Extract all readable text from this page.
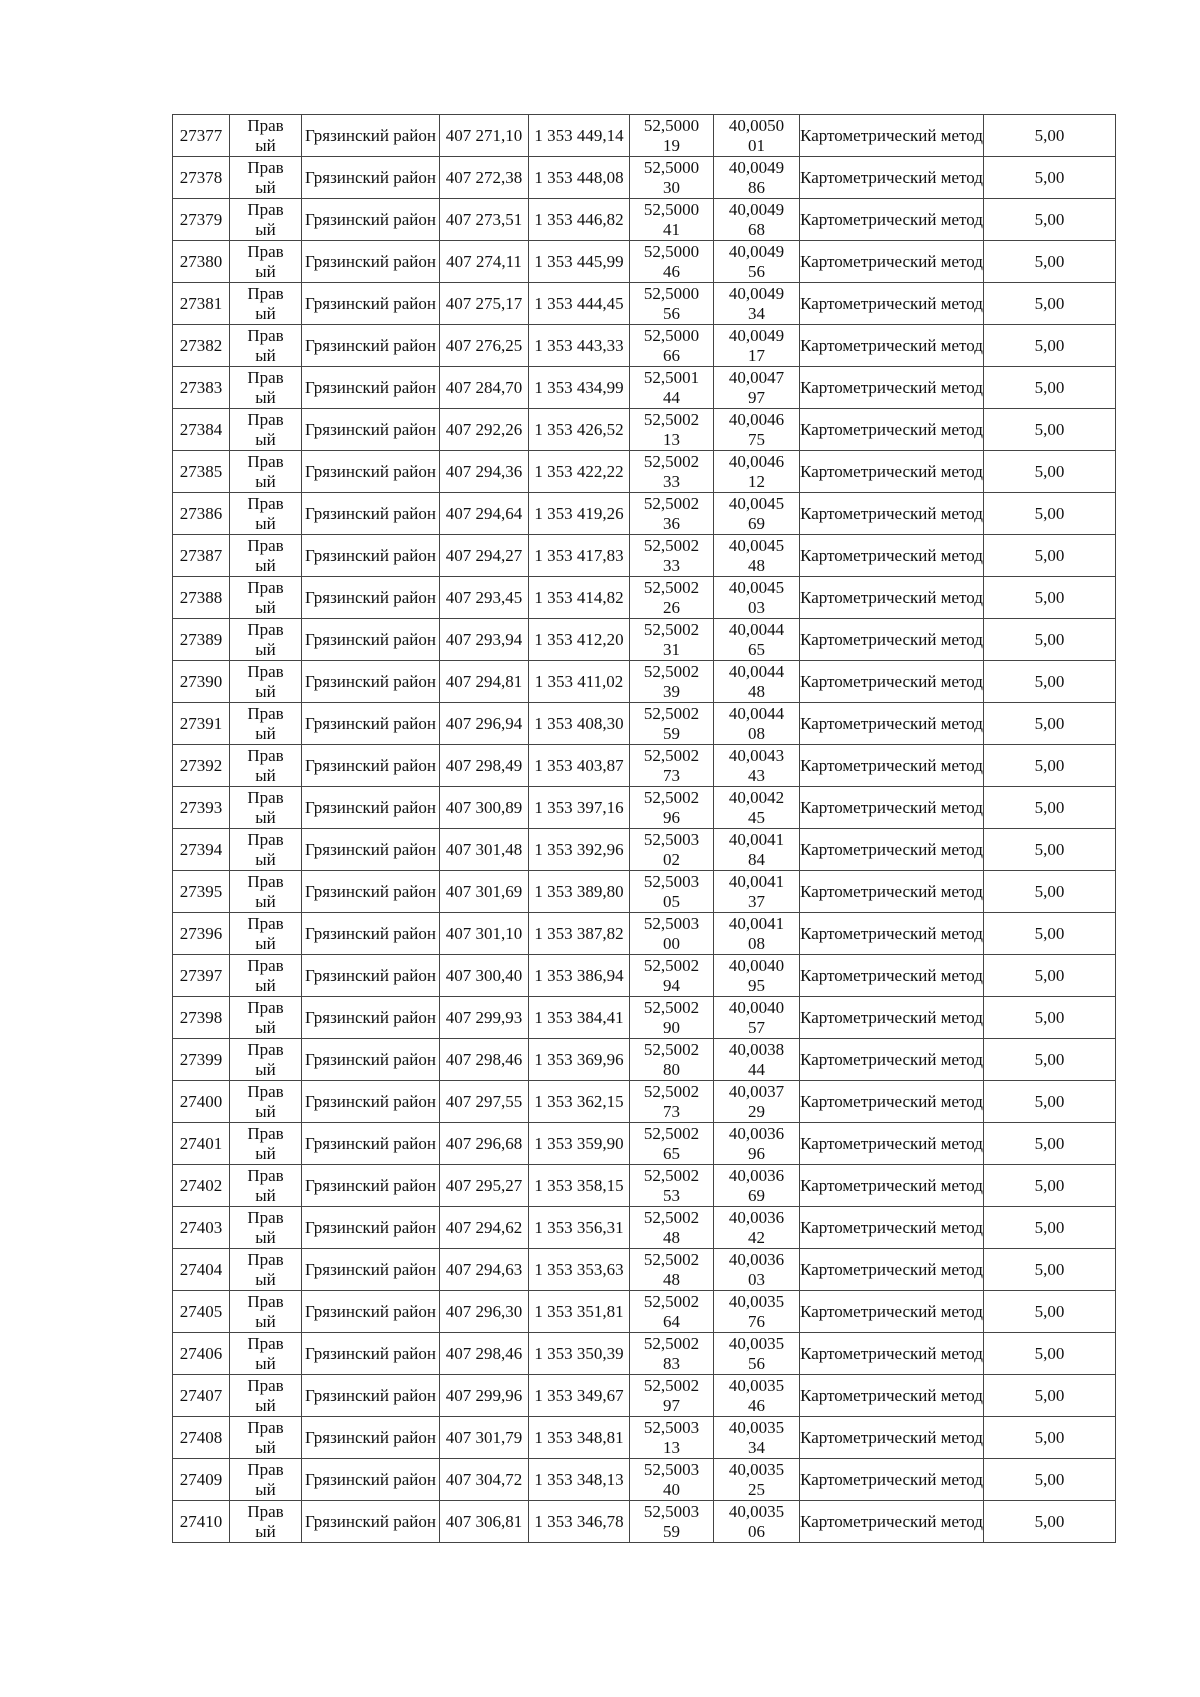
27377	Правый	Грязинский район	407 271,10	1 353 449,14	52,500019	40,005001	Картометрический метод	5,00
27378	Правый	Грязинский район	407 272,38	1 353 448,08	52,500030	40,004986	Картометрический метод	5,00
27379	Правый	Грязинский район	407 273,51	1 353 446,82	52,500041	40,004968	Картометрический метод	5,00
27380	Правый	Грязинский район	407 274,11	1 353 445,99	52,500046	40,004956	Картометрический метод	5,00
27381	Правый	Грязинский район	407 275,17	1 353 444,45	52,500056	40,004934	Картометрический метод	5,00
27382	Правый	Грязинский район	407 276,25	1 353 443,33	52,500066	40,004917	Картометрический метод	5,00
27383	Правый	Грязинский район	407 284,70	1 353 434,99	52,500144	40,004797	Картометрический метод	5,00
27384	Правый	Грязинский район	407 292,26	1 353 426,52	52,500213	40,004675	Картометрический метод	5,00
27385	Правый	Грязинский район	407 294,36	1 353 422,22	52,500233	40,004612	Картометрический метод	5,00
27386	Правый	Грязинский район	407 294,64	1 353 419,26	52,500236	40,004569	Картометрический метод	5,00
27387	Правый	Грязинский район	407 294,27	1 353 417,83	52,500233	40,004548	Картометрический метод	5,00
27388	Правый	Грязинский район	407 293,45	1 353 414,82	52,500226	40,004503	Картометрический метод	5,00
27389	Правый	Грязинский район	407 293,94	1 353 412,20	52,500231	40,004465	Картометрический метод	5,00
27390	Правый	Грязинский район	407 294,81	1 353 411,02	52,500239	40,004448	Картометрический метод	5,00
27391	Правый	Грязинский район	407 296,94	1 353 408,30	52,500259	40,004408	Картометрический метод	5,00
27392	Правый	Грязинский район	407 298,49	1 353 403,87	52,500273	40,004343	Картометрический метод	5,00
27393	Правый	Грязинский район	407 300,89	1 353 397,16	52,500296	40,004245	Картометрический метод	5,00
27394	Правый	Грязинский район	407 301,48	1 353 392,96	52,500302	40,004184	Картометрический метод	5,00
27395	Правый	Грязинский район	407 301,69	1 353 389,80	52,500305	40,004137	Картометрический метод	5,00
27396	Правый	Грязинский район	407 301,10	1 353 387,82	52,500300	40,004108	Картометрический метод	5,00
27397	Правый	Грязинский район	407 300,40	1 353 386,94	52,500294	40,004095	Картометрический метод	5,00
27398	Правый	Грязинский район	407 299,93	1 353 384,41	52,500290	40,004057	Картометрический метод	5,00
27399	Правый	Грязинский район	407 298,46	1 353 369,96	52,500280	40,003844	Картометрический метод	5,00
27400	Правый	Грязинский район	407 297,55	1 353 362,15	52,500273	40,003729	Картометрический метод	5,00
27401	Правый	Грязинский район	407 296,68	1 353 359,90	52,500265	40,003696	Картометрический метод	5,00
27402	Правый	Грязинский район	407 295,27	1 353 358,15	52,500253	40,003669	Картометрический метод	5,00
27403	Правый	Грязинский район	407 294,62	1 353 356,31	52,500248	40,003642	Картометрический метод	5,00
27404	Правый	Грязинский район	407 294,63	1 353 353,63	52,500248	40,003603	Картометрический метод	5,00
27405	Правый	Грязинский район	407 296,30	1 353 351,81	52,500264	40,003576	Картометрический метод	5,00
27406	Правый	Грязинский район	407 298,46	1 353 350,39	52,500283	40,003556	Картометрический метод	5,00
27407	Правый	Грязинский район	407 299,96	1 353 349,67	52,500297	40,003546	Картометрический метод	5,00
27408	Правый	Грязинский район	407 301,79	1 353 348,81	52,500313	40,003534	Картометрический метод	5,00
27409	Правый	Грязинский район	407 304,72	1 353 348,13	52,500340	40,003525	Картометрический метод	5,00
27410	Правый	Грязинский район	407 306,81	1 353 346,78	52,500359	40,003506	Картометрический метод	5,00
